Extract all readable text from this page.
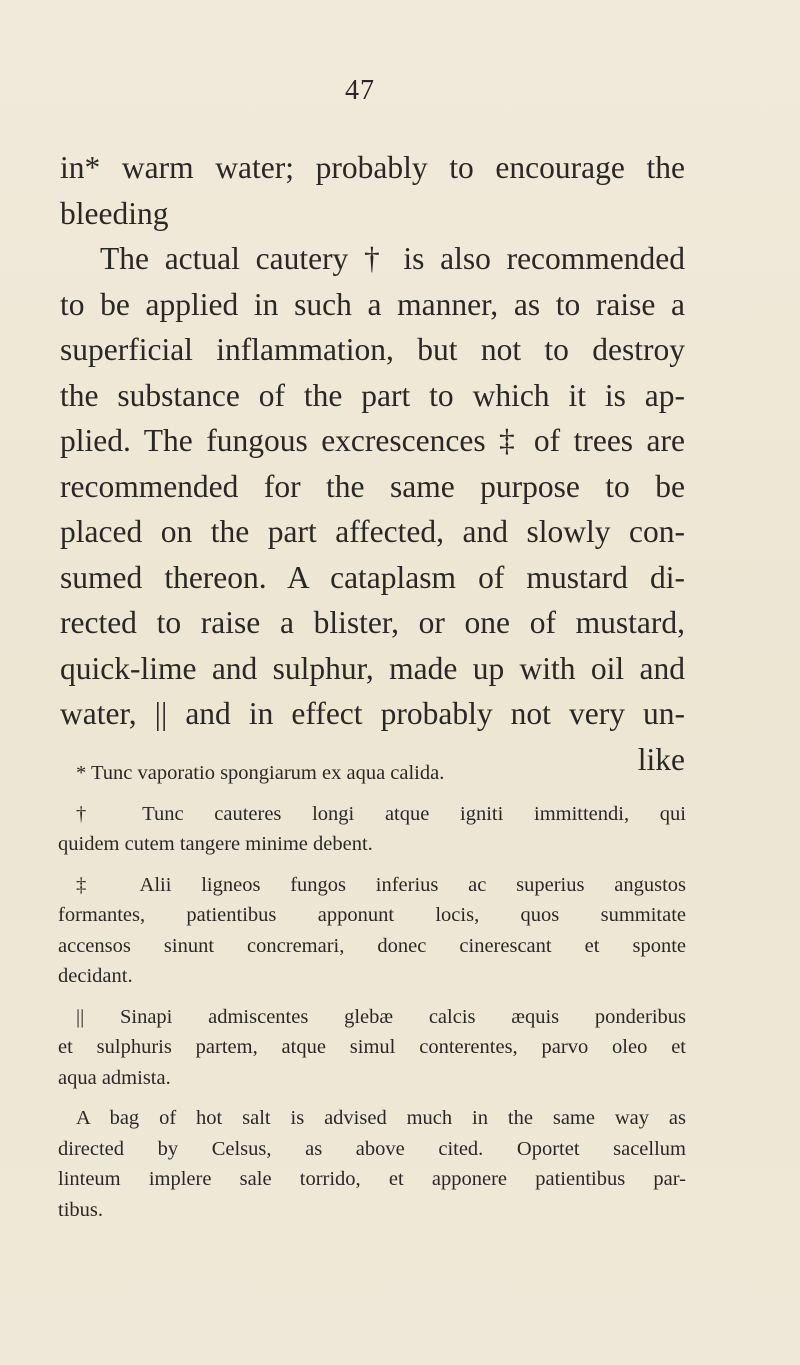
47
in* warm water; probably to encourage the
bleeding
The actual cautery † is also recommended
to be applied in such a manner, as to raise a
superficial inflammation, but not to destroy
the substance of the part to which it is ap-
plied. The fungous excrescences ‡ of trees are
recommended for the same purpose to be
placed on the part affected, and slowly con-
sumed thereon. A cataplasm of mustard di-
rected to raise a blister, or one of mustard,
quick-lime and sulphur, made up with oil and
water, || and in effect probably not very un-
like
* Tunc vaporatio spongiarum ex aqua calida.
† Tunc cauteres longi atque igniti immittendi, qui
quidem cutem tangere minime debent.
‡ Alii ligneos fungos inferius ac superius angustos
formantes, patientibus apponunt locis, quos summitate
accensos sinunt concremari, donec cinerescant et sponte
decidant.
|| Sinapi admiscentes glebæ calcis æquis ponderibus
et sulphuris partem, atque simul conterentes, parvo oleo et
aqua admista.
A bag of hot salt is advised much in the same way as
directed by Celsus, as above cited. Oportet sacellum
linteum implere sale torrido, et apponere patientibus par-
tibus.
